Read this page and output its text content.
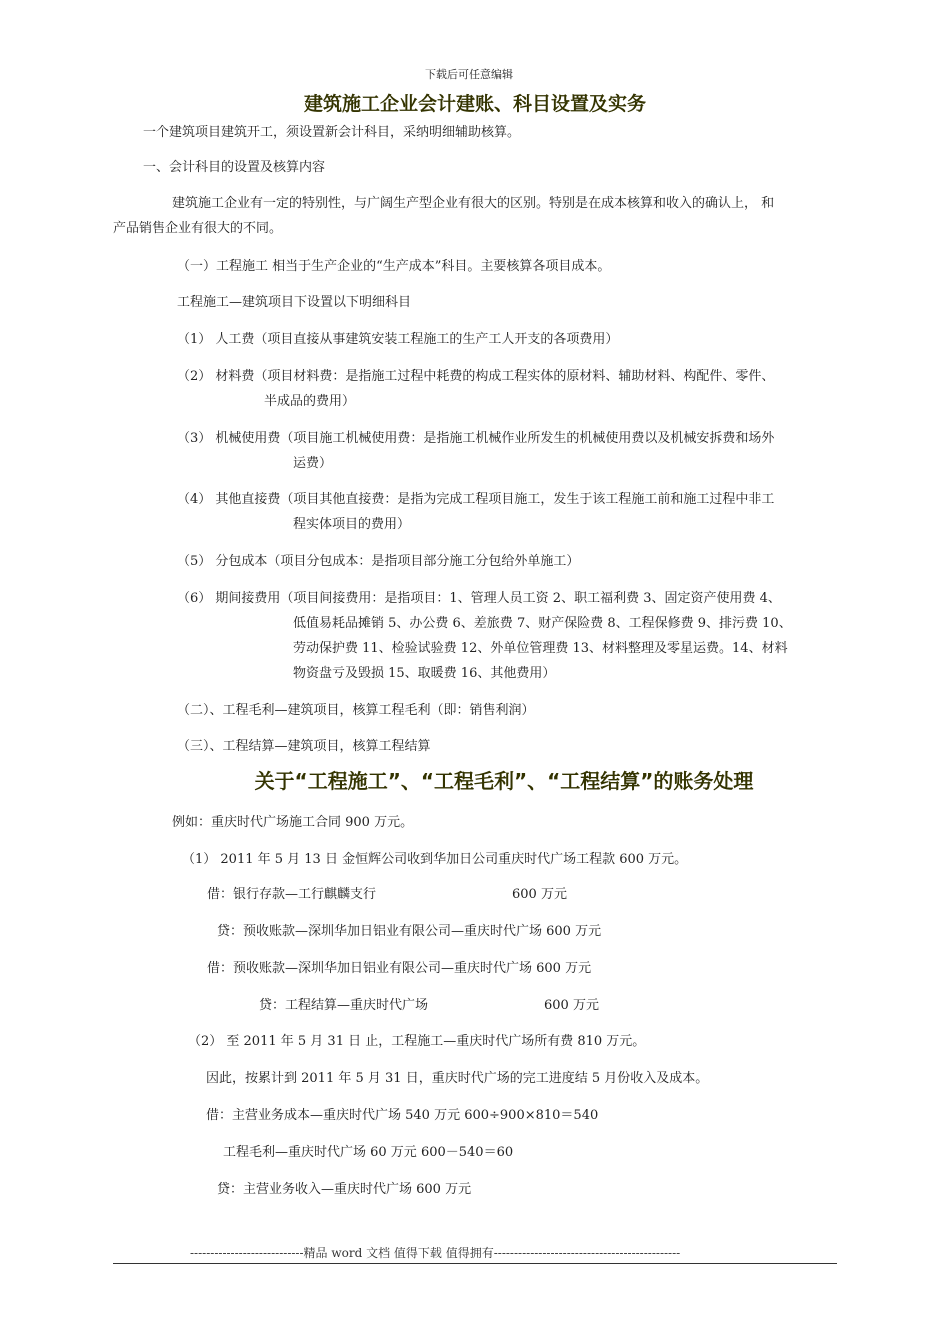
下载后可任意编辑
建筑施工企业会计建账、科目设置及实务
一个建筑项目建筑开工，须设置新会计科目，采纳明细辅助核算。
一、会计科目的设置及核算内容
建筑施工企业有一定的特别性，与广阔生产型企业有很大的区别。特别是在成本核算和收入的确认上， 和
产品销售企业有很大的不同。
（一）工程施工 相当于生产企业的“生产成本”科目。主要核算各项目成本。
工程施工—建筑项目下设置以下明细科目
（1） 人工费（项目直接从事建筑安装工程施工的生产工人开支的各项费用）
（2） 材料费（项目材料费：是指施工过程中耗费的构成工程实体的原材料、辅助材料、构配件、零件、
半成品的费用）
（3） 机械使用费（项目施工机械使用费：是指施工机械作业所发生的机械使用费以及机械安拆费和场外
运费）
（4） 其他直接费（项目其他直接费：是指为完成工程项目施工，发生于该工程施工前和施工过程中非工
程实体项目的费用）
（5） 分包成本（项目分包成本：是指项目部分施工分包给外单施工）
（6） 期间接费用（项目间接费用：是指项目：1、管理人员工资 2、职工福利费 3、固定资产使用费 4、
低值易耗品摊销 5、办公费 6、差旅费 7、财产保险费 8、工程保修费 9、排污费 10、
劳动保护费 11、检验试验费 12、外单位管理费 13、材料整理及零星运费。14、材料
物资盘亏及毁损 15、取暖费 16、其他费用）
（二）、工程毛利—建筑项目，核算工程毛利（即：销售利润）
（三）、工程结算—建筑项目，核算工程结算
关于“工程施工”、“工程毛利”、“工程结算”的账务处理
例如：重庆时代广场施工合同 900 万元。
（1） 2011 年 5 月 13 日 金恒辉公司收到华加日公司重庆时代广场工程款 600 万元。
借：银行存款—工行麒麟支行	600 万元
贷：预收账款—深圳华加日铝业有限公司—重庆时代广场 600 万元
借：预收账款—深圳华加日铝业有限公司—重庆时代广场 600 万元
贷：工程结算—重庆时代广场	600 万元
（2） 至 2011 年 5 月 31 日 止，工程施工—重庆时代广场所有费 810 万元。
因此，按累计到 2011 年 5 月 31 日，重庆时代广场的完工进度结 5 月份收入及成本。
借：主营业务成本—重庆时代广场 540 万元 600÷900×810＝540
工程毛利—重庆时代广场 60 万元 600－540＝60
贷：主营业务收入—重庆时代广场 600 万元
----------------------------精品 word 文档 值得下载 值得拥有----------------------------------------------
